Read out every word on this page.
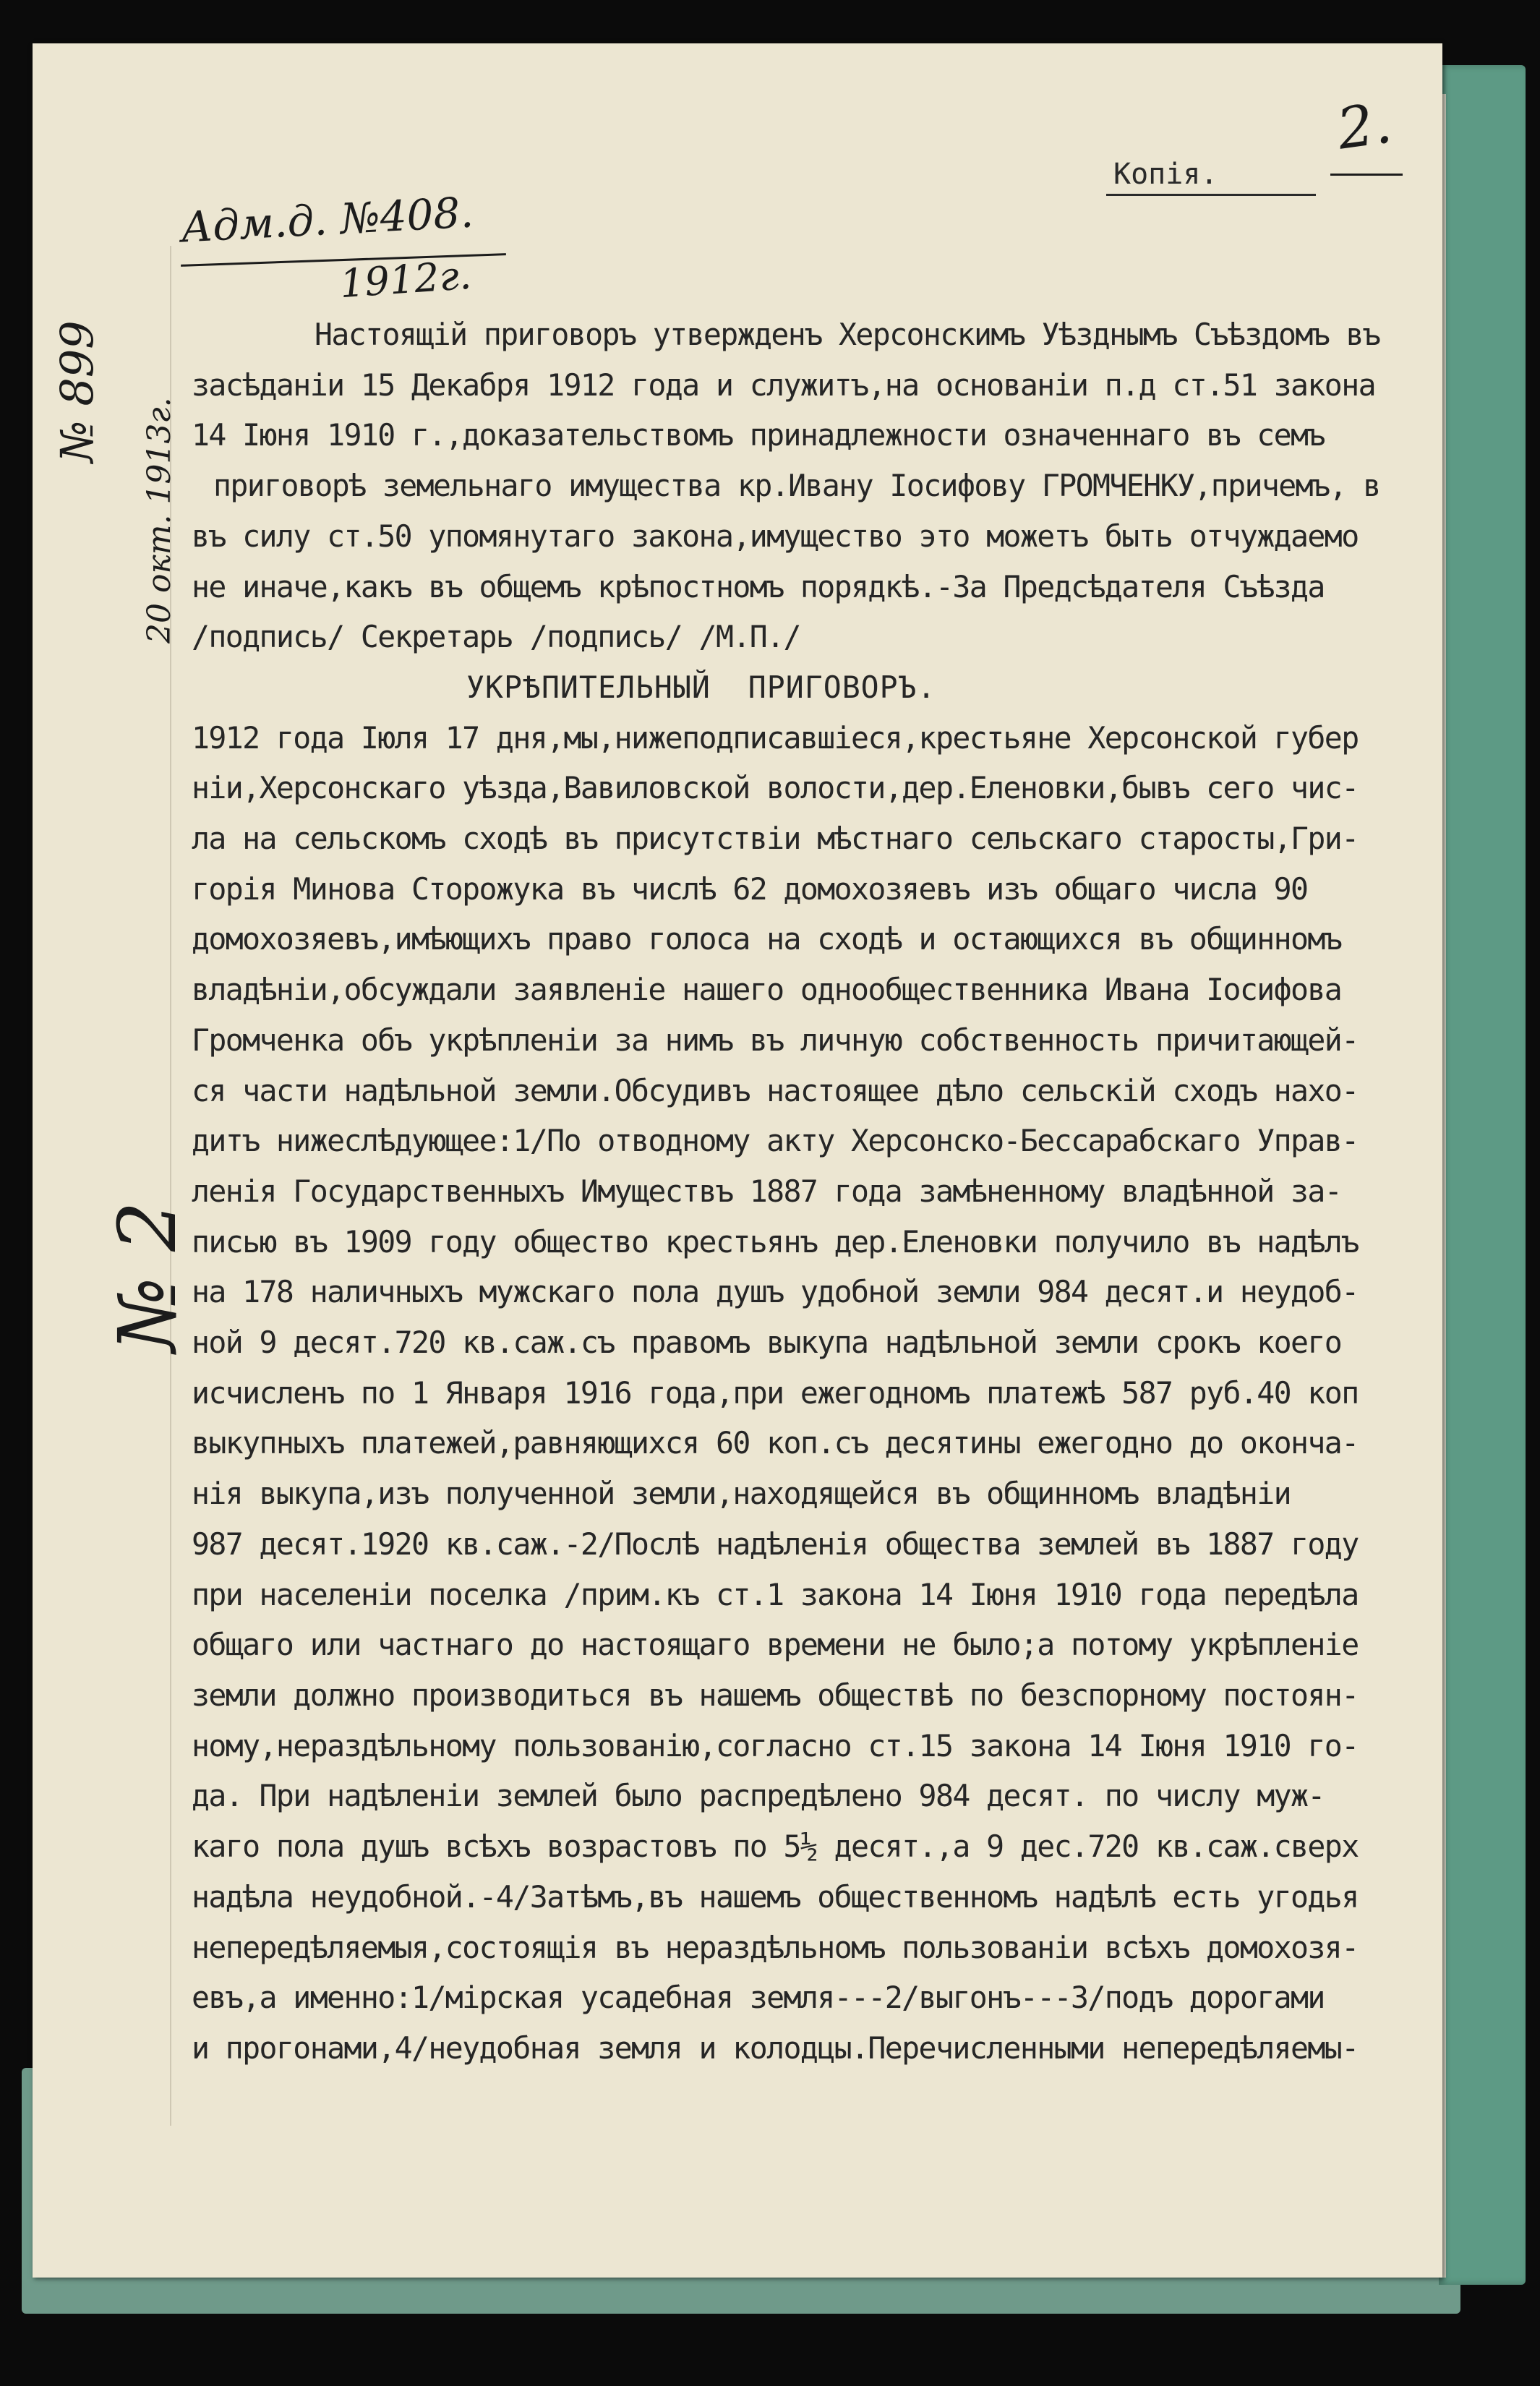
2.
Копія.
Адм.д. №408.
1912г.
№ 899
20 окт. 1913г.
№ 2
Настоящій приговоръ утвержденъ Херсонскимъ Уѣзднымъ Съѣздомъ въ
засѣданіи 15 Декабря 1912 года и служитъ,на основаніи п.д ст.51 закона
14 Іюня 1910 г.,доказательствомъ принадлежности означеннаго въ семъ
приговорѣ земельнаго имущества кр.Ивану Іосифову ГРОМЧЕНКУ,причемъ, в
въ силу ст.50 упомянутаго закона,имущество это можетъ быть отчуждаемо
не иначе,какъ въ общемъ крѣпостномъ порядкѣ.-За Предсѣдателя Съѣзда
/подпись/ Секретарь /подпись/ /М.П./
УКРѢПИТЕЛЬНЫЙ  ПРИГОВОРЪ.
1912 года Іюля 17 дня,мы,нижеподписавшіеся,крестьяне Херсонской губер
ніи,Херсонскаго уѣзда,Вавиловской волости,дер.Еленовки,бывъ сего чис-
ла на сельскомъ сходѣ въ присутствіи мѣстнаго сельскаго старосты,Гри-
горія Минова Сторожука въ числѣ 62 домохозяевъ изъ общаго числа 90
домохозяевъ,имѣющихъ право голоса на сходѣ и остающихся въ общинномъ
владѣніи,обсуждали заявленіе нашего однообщественника Ивана Іосифова
Громченка объ укрѣпленіи за нимъ въ личную собственность причитающей-
ся части надѣльной земли.Обсудивъ настоящее дѣло сельскій сходъ нахо-
дитъ нижеслѣдующее:1/По отводному акту Херсонско-Бессарабскаго Управ-
ленія Государственныхъ Имуществъ 1887 года замѣненному владѣнной за-
писью въ 1909 году общество крестьянъ дер.Еленовки получило въ надѣлъ
на 178 наличныхъ мужскаго пола душъ удобной земли 984 десят.и неудоб-
ной 9 десят.720 кв.саж.съ правомъ выкупа надѣльной земли срокъ коего
исчисленъ по 1 Января 1916 года,при ежегодномъ платежѣ 587 руб.40 коп
выкупныхъ платежей,равняющихся 60 коп.съ десятины ежегодно до оконча-
нія выкупа,изъ полученной земли,находящейся въ общинномъ владѣніи
987 десят.1920 кв.саж.-2/Послѣ надѣленія общества землей въ 1887 году
при населеніи поселка /прим.къ ст.1 закона 14 Іюня 1910 года передѣла
общаго или частнаго до настоящаго времени не было;а потому укрѣпленіе
земли должно производиться въ нашемъ обществѣ по безспорному постоян-
ному,нераздѣльному пользованію,согласно ст.15 закона 14 Іюня 1910 го-
да. При надѣленіи землей было распредѣлено 984 десят. по числу муж-
каго пола душъ всѣхъ возрастовъ по 5½ десят.,а 9 дес.720 кв.саж.сверх
надѣла неудобной.-4/Затѣмъ,въ нашемъ общественномъ надѣлѣ есть угодья
непередѣляемыя,состоящія въ нераздѣльномъ пользованіи всѣхъ домохозя-
евъ,а именно:1/мірская усадебная земля---2/выгонъ---3/подъ дорогами
и прогонами,4/неудобная земля и колодцы.Перечисленными непередѣляемы-
